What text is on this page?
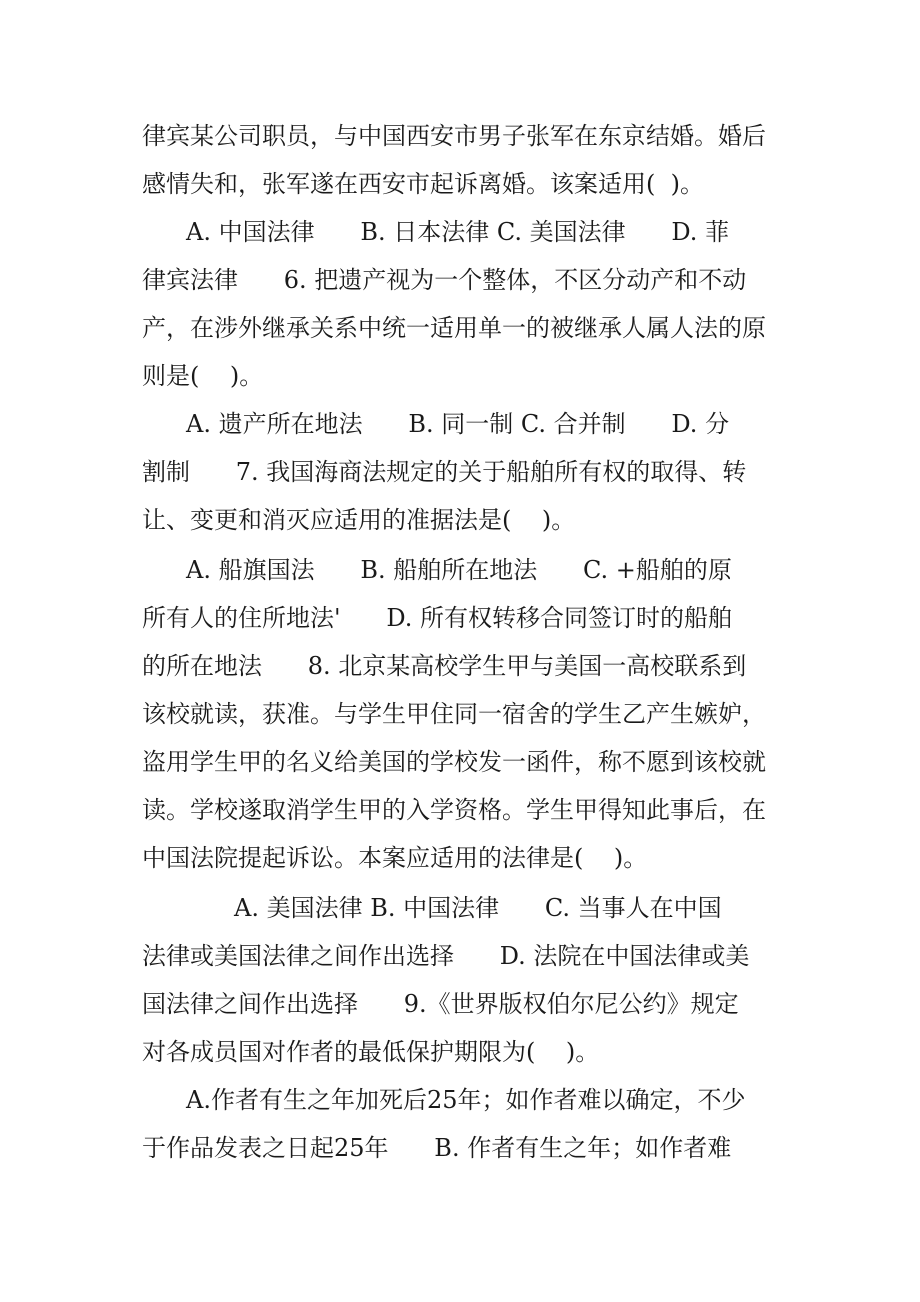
律宾某公司职员，与中国西安市男子张军在东京结婚。婚后
感情失和，张军遂在西安市起诉离婚。该案适用(  )。
A. 中国法律      B. 日本法律 C. 美国法律      D. 菲
律宾法律      6. 把遗产视为一个整体，不区分动产和不动
产，在涉外继承关系中统一适用单一的被继承人属人法的原
则是(    )。
A. 遗产所在地法      B. 同一制 C. 合并制      D. 分
割制      7. 我国海商法规定的关于船舶所有权的取得、转
让、变更和消灭应适用的准据法是(    )。
A. 船旗国法      B. 船舶所在地法      C. +船舶的原
所有人的住所地法'      D. 所有权转移合同签订时的船舶
的所在地法      8. 北京某高校学生甲与美国一高校联系到
该校就读，获准。与学生甲住同一宿舍的学生乙产生嫉妒，
盗用学生甲的名义给美国的学校发一函件，称不愿到该校就
读。学校遂取消学生甲的入学资格。学生甲得知此事后，在
中国法院提起诉讼。本案应适用的法律是(    )。
A. 美国法律 B. 中国法律      C. 当事人在中国
法律或美国法律之间作出选择      D. 法院在中国法律或美
国法律之间作出选择      9.《世界版权伯尔尼公约》规定
对各成员国对作者的最低保护期限为(    )。
A.作者有生之年加死后25年；如作者难以确定，不少
于作品发表之日起25年      B. 作者有生之年；如作者难
